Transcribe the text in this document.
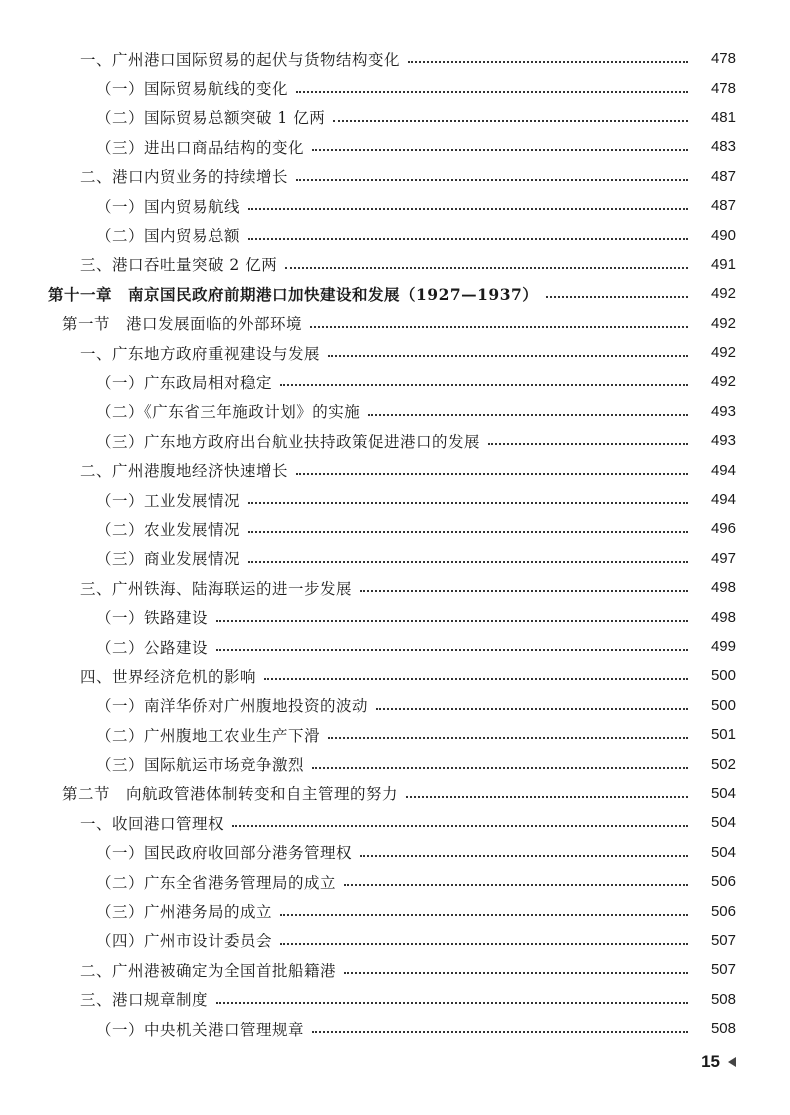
一、广州港口国际贸易的起伏与货物结构变化	478
（一）国际贸易航线的变化	478
（二）国际贸易总额突破 1 亿两	481
（三）进出口商品结构的变化	483
二、港口内贸业务的持续增长	487
（一）国内贸易航线	487
（二）国内贸易总额	490
三、港口吞吐量突破 2 亿两	491
第十一章　南京国民政府前期港口加快建设和发展（1927—1937）	492
第一节　港口发展面临的外部环境	492
一、广东地方政府重视建设与发展	492
（一）广东政局相对稳定	492
（二）《广东省三年施政计划》的实施	493
（三）广东地方政府出台航业扶持政策促进港口的发展	493
二、广州港腹地经济快速增长	494
（一）工业发展情况	494
（二）农业发展情况	496
（三）商业发展情况	497
三、广州铁海、陆海联运的进一步发展	498
（一）铁路建设	498
（二）公路建设	499
四、世界经济危机的影响	500
（一）南洋华侨对广州腹地投资的波动	500
（二）广州腹地工农业生产下滑	501
（三）国际航运市场竞争激烈	502
第二节　向航政管港体制转变和自主管理的努力	504
一、收回港口管理权	504
（一）国民政府收回部分港务管理权	504
（二）广东全省港务管理局的成立	506
（三）广州港务局的成立	506
（四）广州市设计委员会	507
二、广州港被确定为全国首批船籍港	507
三、港口规章制度	508
（一）中央机关港口管理规章	508
15
